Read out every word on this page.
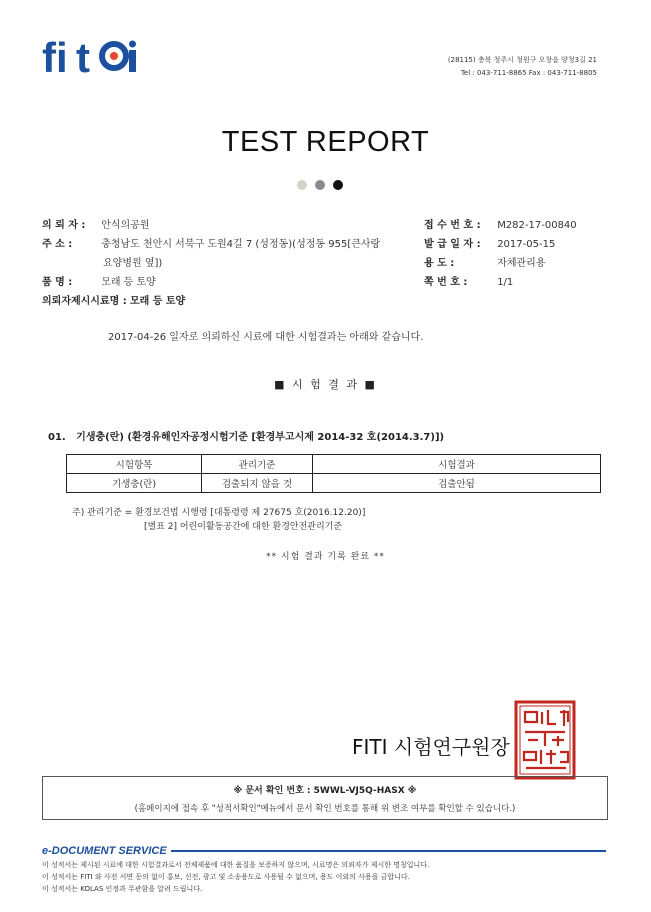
fi t	(28115) 충북 청주시 청원구 오창읍 양청3길 21
Tel : 043-711-8865 Fax : 043-711-8805
TEST REPORT
의 뢰 자 : 안식의공원
주 소 :	충청남도 천안시 서북구 도원4길 7 (성정동)(성정동 955[큰사랑
요양병원 옆])
품 명 :	모래 등 토양
의뢰자제시시료명 : 모래 등 토양
접 수 번 호 : M282-17-00840
발 급 일 자 : 2017-05-15
용 도 :	자체관리용
쪽 번 호 :	1/1
2017-04-26 일자로 의뢰하신 시료에 대한 시험결과는 아래와 같습니다.
■ 시 험 결 과 ■
01. 기생충(란) (환경유해인자공정시험기준 [환경부고시제 2014-32 호(2014.3.7)])
시험항목	관리기준	시험결과
기생충(란)	검출되지 않을 것	검출안됨
주) 관리기준 = 환경보건법 시행령 [대통령령 제 27675 호(2016.12.20)]
[별표 2] 어린이활동공간에 대한 환경안전관리기준
** 시험 결과 기록 완료 **
FITI 시험연구원장
※ 문서 확인 번호 : 5WWL-VJ5Q-HASX ※
(홈페이지에 접속 후 "성적서확인"메뉴에서 문서 확인 번호를 통해 위 변조 여부를 확인할 수 있습니다.)
e-DOCUMENT SERVICE
이 성적서는 제시된 시료에 대한 시험결과로서 전체제품에 대한 품질을 보증하지 않으며, 시료명은 의뢰자가 제시한 명칭입니다.
이 성적서는 FITI 와 사전 서면 동의 없이 홍보, 선전, 광고 및 소송용도로 사용될 수 없으며, 용도 이외의 사용을 금합니다.
이 성적서는 KOLAS 인정과 무관함을 알려 드립니다.
